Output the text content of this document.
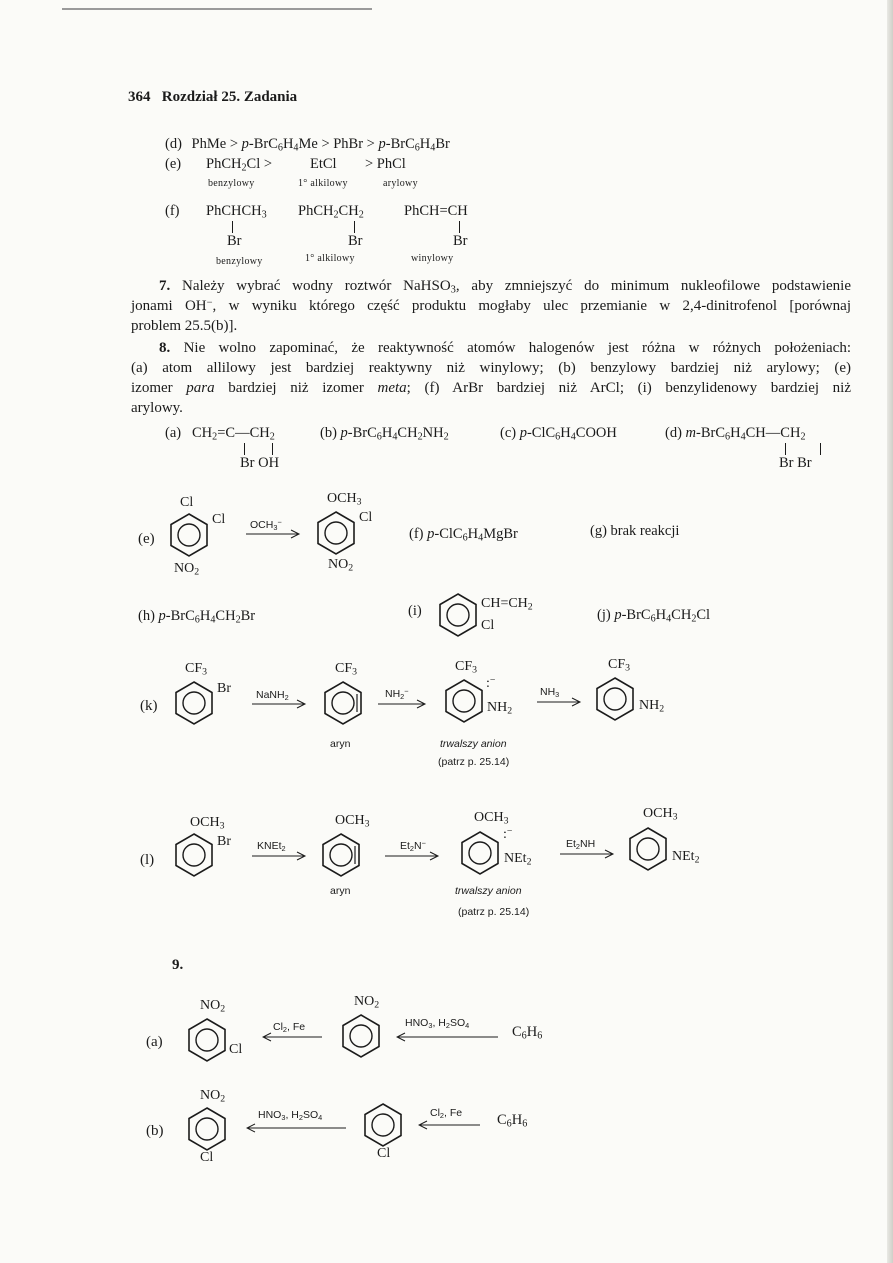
364 Rozdział 25. Zadania
(d) PhMe > $p-BrC_6H_4Me$ > PhBr > $p-BrC_6H_4Br$
(e) PhCH$_2$Cl >	EtCl > PhCl
benzylowy	1° alkilowy	arylowy
(f) PhCHCH$_3$ $PhCH_2CH_2$	PhCH=CH
Br	Br	Br
benzylowy	1° alkilowy	winylowy
7. Należy wybrać wodny roztwór NaHSO$_3$, aby zmniejszyć do minimum nukleofilowe podstawienie
jonami OH−, w wyniku którego część produktu mogłaby ulec przemianie w 2,4-dinitrofenol [porównaj
problem 25.5(b)].
8. Nie wolno zapominać, że reaktywność atomów halogenów jest różna w różnych położeniach:
(a) atom allilowy jest bardziej reaktywny niż winylowy; (b) benzylowy bardziej niż arylowy; (e)
izomer para bardziej niż izomer meta; (f) ArBr bardziej niż ArCl; (i) benzylidenowy bardziej niż
arylowy.
(a) $CH_2=C—CH_2$
Br OH
(b) $p-BrC_6H_4CH_2NH_2$	(c) $p-ClC_6H_4COOH$	(d) $m-BrC_6H_4CH—CH_2$
Br Br
(e)
Cl
Cl
$NO_2$
$OCH_3^-$
$OCH_3$
Cl
$NO_2$
(f) $p-ClC_6H_4MgBr$	(g) brak reakcji
(h) $p-BrC_6H_4CH_2Br$	(i)	$CH=CH_2$
Cl
(j) $p-BrC_6H_4CH_2Cl$
(k)
$CF_3$
Br NaNH$_2$
$CF_3$
aryn
$NH_2^-$
$CF_3$
:−
$NH_2$
trwalszy anion
(patrz p. 25.14)
$NH_3$
$CF_3$
$NH_2$
(l)
$OCH_3$
Br KNEt$_2$
$OCH_3$
aryn
$Et_2N^-$
$OCH_3$
:−
NEt$_2$
trwalszy anion
(patrz p. 25.14)
$Et_2NH$
$OCH_3$
NEt$_2$
9.
(a)
$NO_2$
Cl
$Cl_2$, Fe
$NO_2$
$HNO_3$, $H_2SO_4$	$C_6H_6$
(b)
$NO_2$
Cl
$HNO_3$, $H_2SO_4$
Cl
$Cl_2$, Fe $C_6H_6$
